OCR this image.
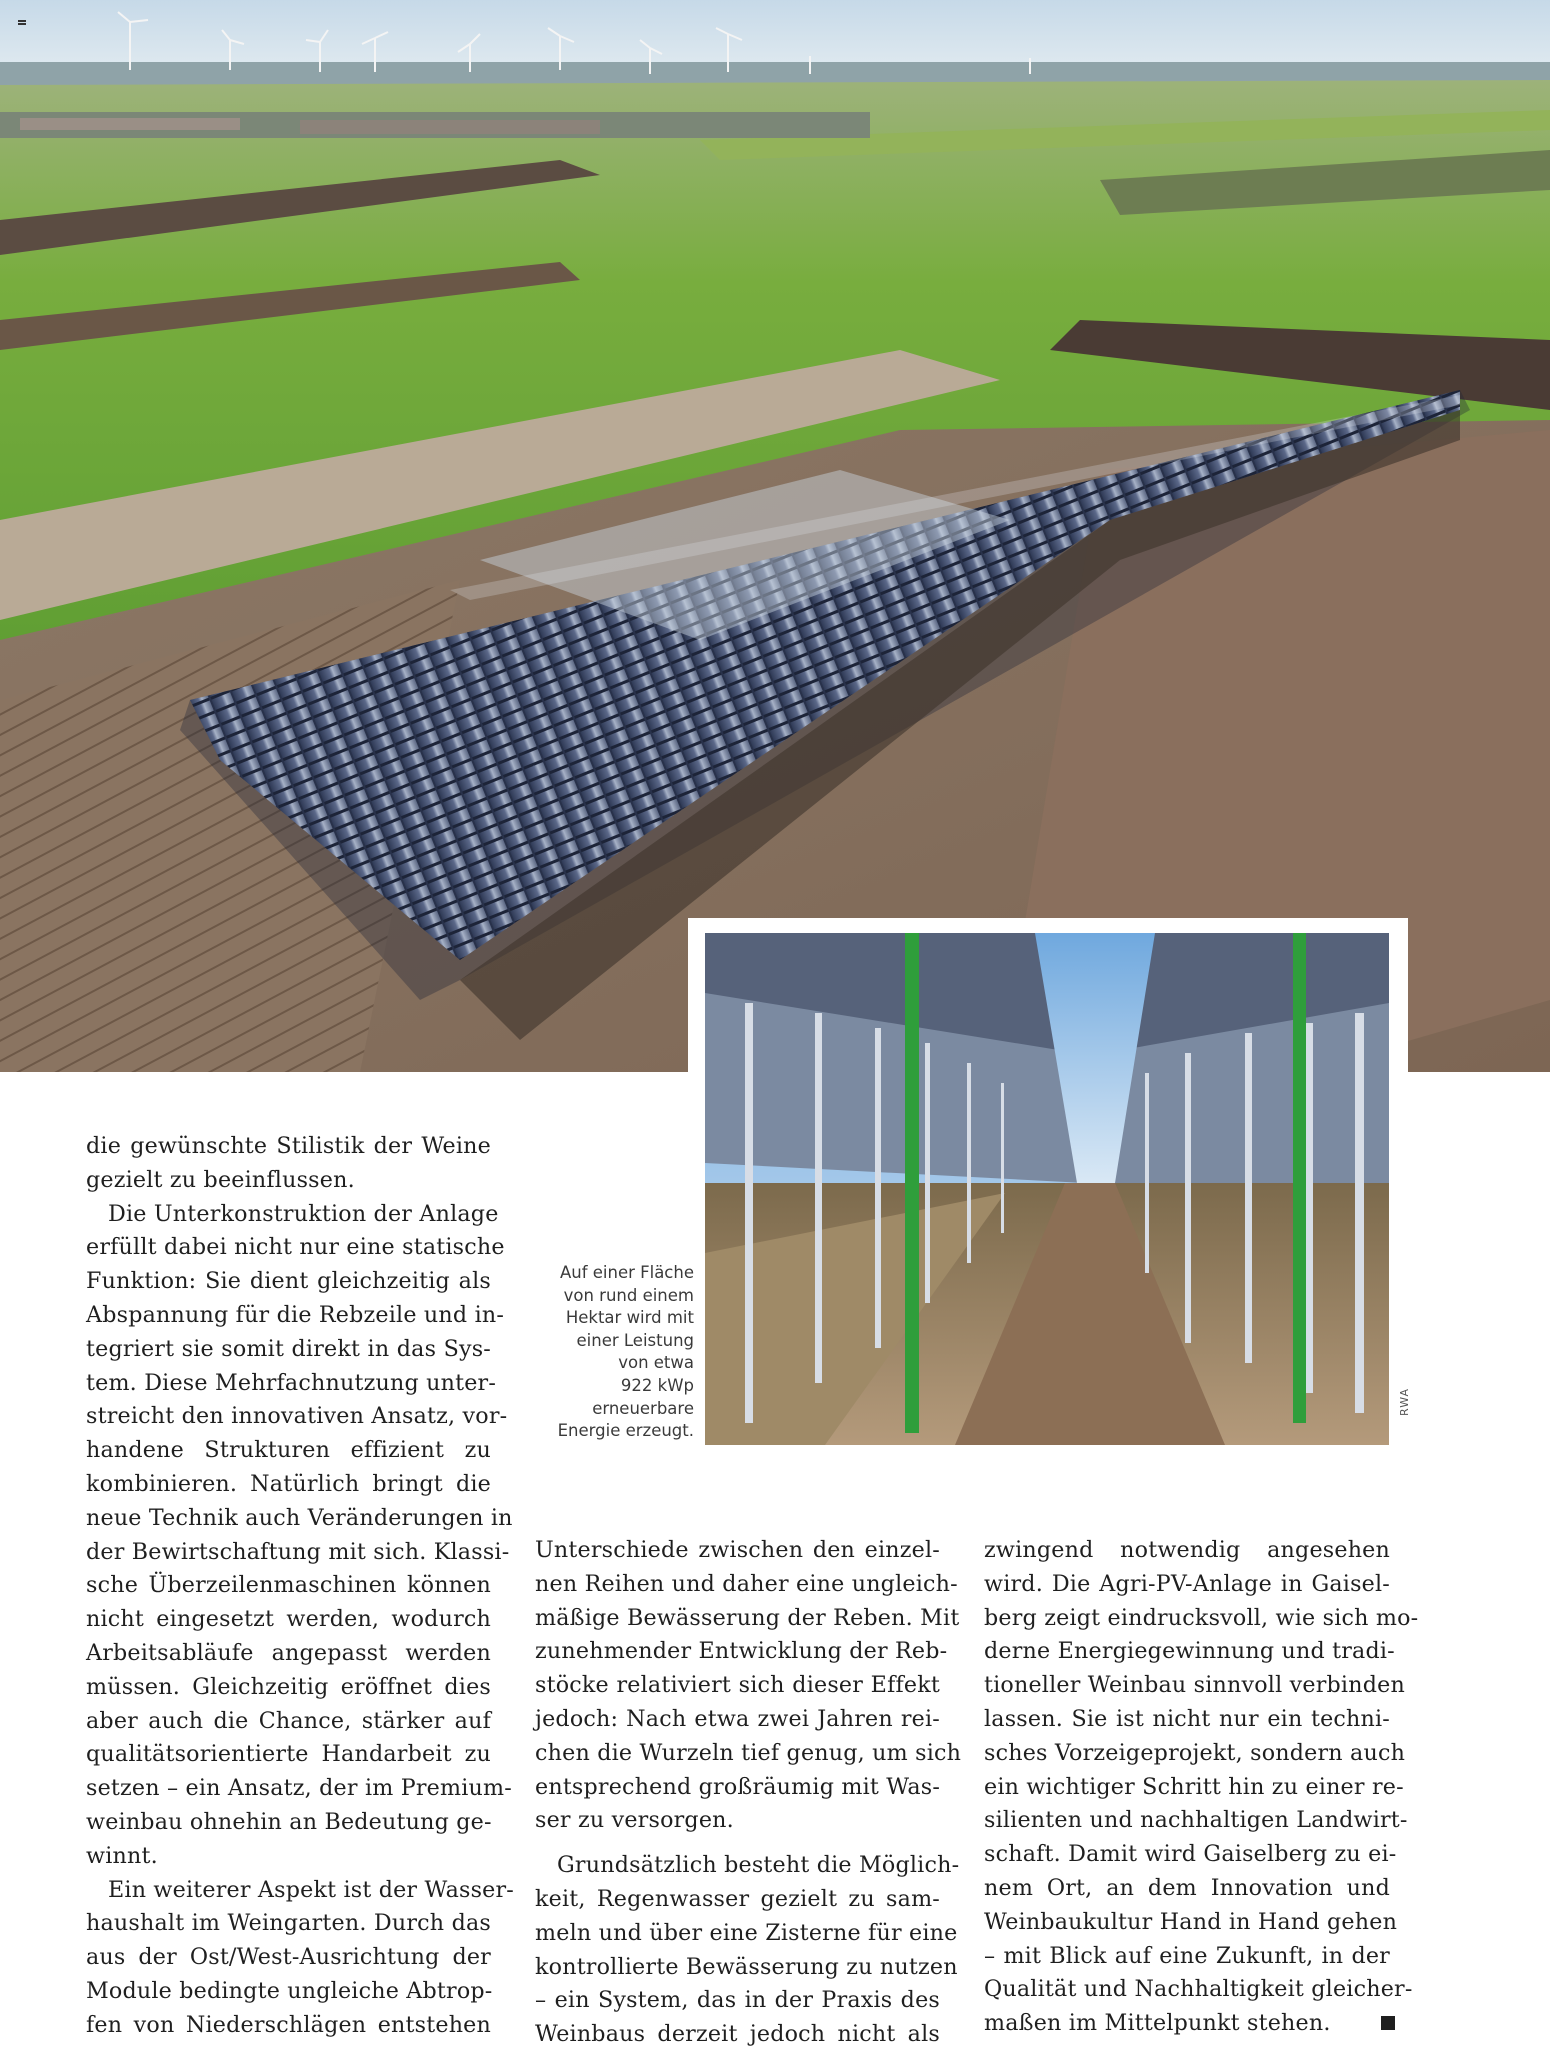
RWA
Auf einer Fläche
von rund einem
Hektar wird mit
einer Leistung
von etwa
922 kWp
erneuerbare
Energie erzeugt.
die gewünschte Stilistik der Weine
gezielt zu beeinflussen.
Die Unterkonstruktion der Anlage
erfüllt dabei nicht nur eine statische
Funktion: Sie dient gleichzeitig als
Abspannung für die Rebzeile und in-
tegriert sie somit direkt in das Sys-
tem. Diese Mehrfachnutzung unter-
streicht den innovativen Ansatz, vor-
handene Strukturen effizient zu
kombinieren. Natürlich bringt die
neue Technik auch Veränderungen in
der Bewirtschaftung mit sich. Klassi-
sche Überzeilenmaschinen können
nicht eingesetzt werden, wodurch
Arbeitsabläufe angepasst werden
müssen. Gleichzeitig eröffnet dies
aber auch die Chance, stärker auf
qualitätsorientierte Handarbeit zu
setzen – ein Ansatz, der im Premium-
weinbau ohnehin an Bedeutung ge-
winnt.
Ein weiterer Aspekt ist der Wasser-
haushalt im Weingarten. Durch das
aus der Ost/West-Ausrichtung der
Module bedingte ungleiche Abtrop-
fen von Niederschlägen entstehen
Unterschiede zwischen den einzel-
nen Reihen und daher eine ungleich-
mäßige Bewässerung der Reben. Mit
zunehmender Entwicklung der Reb-
stöcke relativiert sich dieser Effekt
jedoch: Nach etwa zwei Jahren rei-
chen die Wurzeln tief genug, um sich
entsprechend großräumig mit Was-
ser zu versorgen.
Grundsätzlich besteht die Möglich-
keit, Regenwasser gezielt zu sam-
meln und über eine Zisterne für eine
kontrollierte Bewässerung zu nutzen
– ein System, das in der Praxis des
Weinbaus derzeit jedoch nicht als
zwingend notwendig angesehen
wird. Die Agri-PV-Anlage in Gaisel-
berg zeigt eindrucksvoll, wie sich mo-
derne Energiegewinnung und tradi-
tioneller Weinbau sinnvoll verbinden
lassen. Sie ist nicht nur ein techni-
sches Vorzeigeprojekt, sondern auch
ein wichtiger Schritt hin zu einer re-
silienten und nachhaltigen Landwirt-
schaft. Damit wird Gaiselberg zu ei-
nem Ort, an dem Innovation und
Weinbaukultur Hand in Hand gehen
– mit Blick auf eine Zukunft, in der
Qualität und Nachhaltigkeit gleicher-
maßen im Mittelpunkt stehen.
